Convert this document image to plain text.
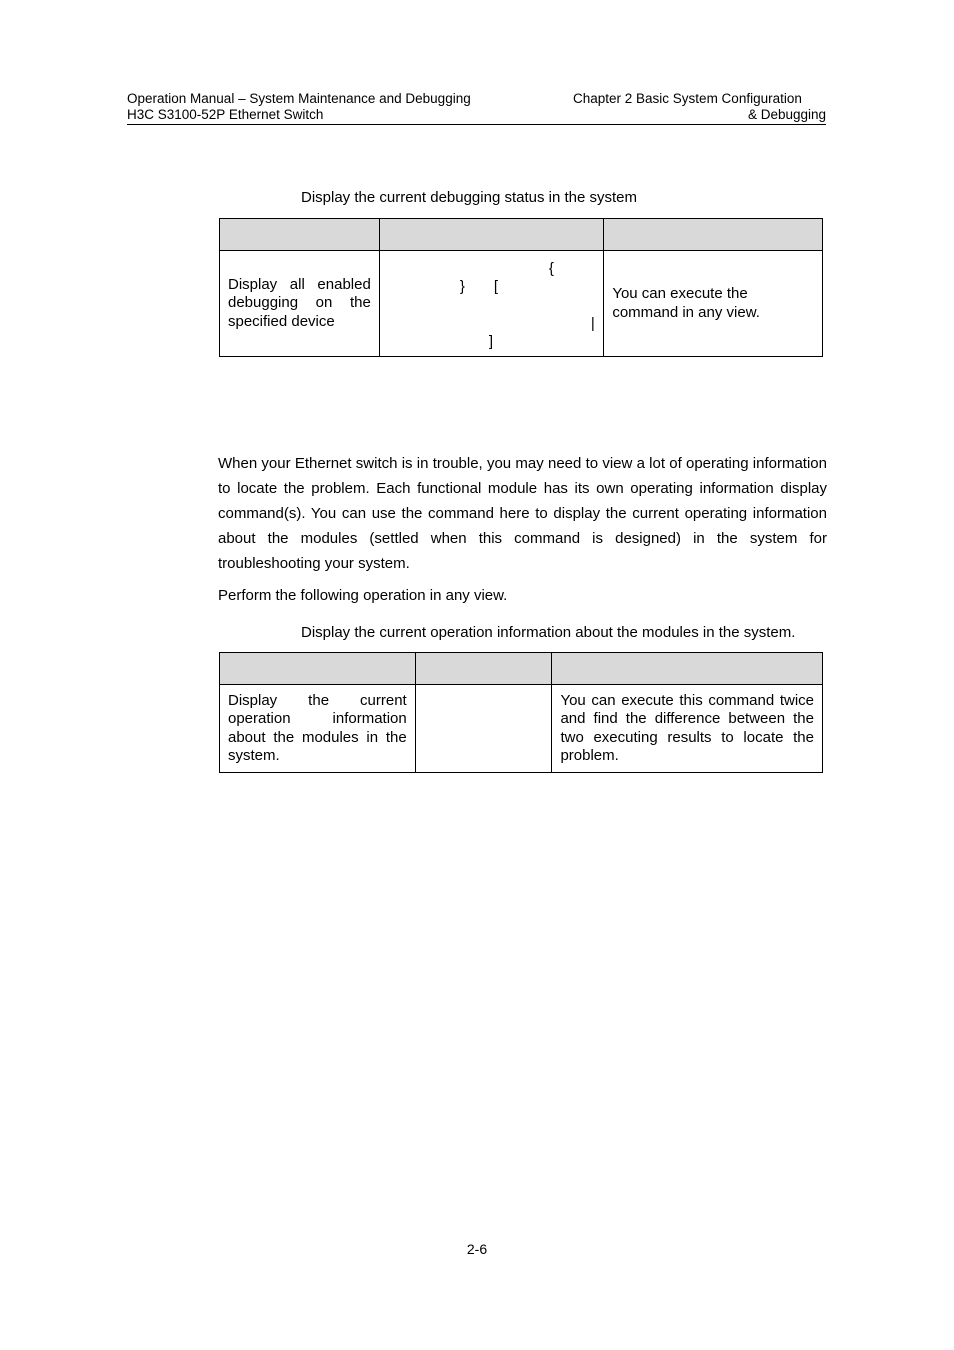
Operation Manual – System Maintenance and Debugging
H3C S3100-52P Ethernet Switch
Chapter 2 Basic System Configuration
& Debugging
Display the current debugging status in the system

Display all enabled debugging on the specified device	{
} [
|
]	You can execute the command in any view.
When your Ethernet switch is in trouble, you may need to view a lot of operating information to locate the problem. Each functional module has its own operating information display command(s). You can use the command here to display the current operating information about the modules (settled when this command is designed) in the system for troubleshooting your system.
Perform the following operation in any view.
Display the current operation information about the modules in the system.

Display the current operation information about the modules in the system.		You can execute this command twice and find the difference between the two executing results to locate the problem.
2-6
